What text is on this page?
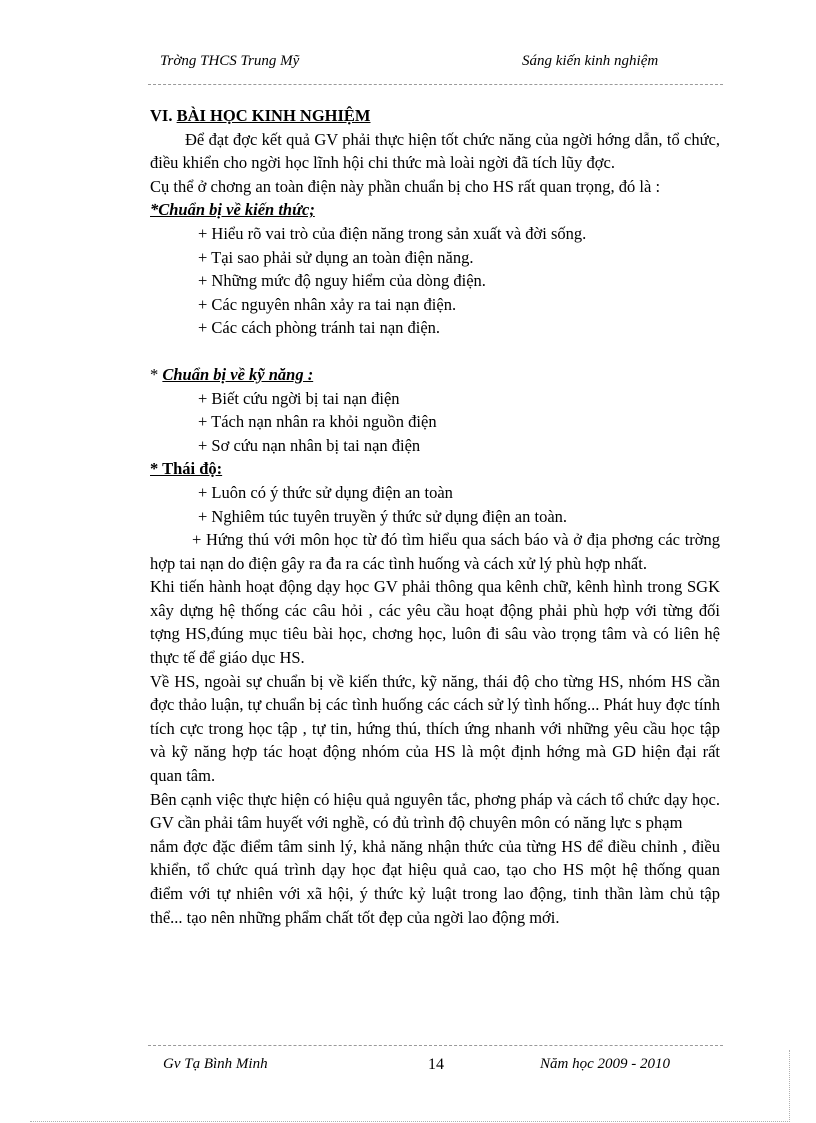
Trờng THCS Trung Mỹ	Sáng kiến kinh nghiệm

VI. BÀI HỌC KINH NGHIỆM

Để đạt đợc kết quả GV phải thực hiện tốt chức năng của ngời hớng dẫn, tổ chức, điều khiển cho ngời học lĩnh hội chi thức mà loài ngời đã tích lũy đợc.

Cụ thể ở chơng an toàn điện này phần chuẩn bị cho HS rất quan trọng, đó là :

*Chuẩn bị về kiến thức;

+ Hiểu rõ vai trò của điện năng trong sản xuất và đời sống.

+ Tại sao phải sử dụng an toàn điện năng.

+ Những mức độ nguy hiểm của dòng điện.

+ Các nguyên nhân xảy ra tai nạn điện.

+ Các cách phòng tránh tai nạn điện.

* Chuẩn bị về kỹ năng :

+ Biết cứu ngời bị tai nạn điện

+ Tách nạn nhân ra khỏi nguồn điện

+ Sơ cứu nạn nhân bị tai nạn điện

* Thái độ:

+ Luôn có ý thức sử dụng điện an toàn

+ Nghiêm túc tuyên truyền ý thức sử dụng điện an toàn.

+ Hứng thú với môn học từ đó tìm hiểu qua sách báo và ở địa phơng các trờng hợp tai nạn do điện gây ra đa ra các tình huống và cách xử lý phù hợp nhất.

Khi tiến hành hoạt động dạy học GV phải thông qua kênh chữ, kênh hình trong SGK xây dựng hệ thống các câu hỏi , các yêu cầu hoạt động phải phù hợp với từng đối tợng HS,đúng mục tiêu bài học, chơng học, luôn đi sâu vào trọng tâm và có liên hệ thực tế để giáo dục HS.

Về HS, ngoài sự chuẩn bị về kiến thức, kỹ năng, thái độ cho từng HS, nhóm HS cần đợc thảo luận, tự chuẩn bị các tình huống các cách sử lý tình hống... Phát huy đợc tính tích cực trong học tập , tự tin, hứng thú, thích ứng nhanh với những yêu cầu học tập và kỹ năng hợp tác hoạt động nhóm của HS là một định hớng mà GD hiện đại rất quan tâm.

Bên cạnh việc thực hiện có hiệu quả nguyên tắc, phơng pháp và cách tổ chức dạy học. GV cần phải tâm huyết với nghề, có đủ trình độ chuyên môn có năng lực s phạm

nắm đợc đặc điểm tâm sinh lý, khả năng nhận thức của từng HS để điều chỉnh , điều khiển, tổ chức quá trình dạy học đạt hiệu quả cao, tạo cho HS một hệ thống quan điểm với tự nhiên với xã hội, ý thức kỷ luật trong lao động, tinh thần làm chủ tập thể... tạo nên những phẩm chất tốt đẹp của ngời lao động mới.

Gv Tạ Bình Minh	14	Năm học 2009 - 2010
